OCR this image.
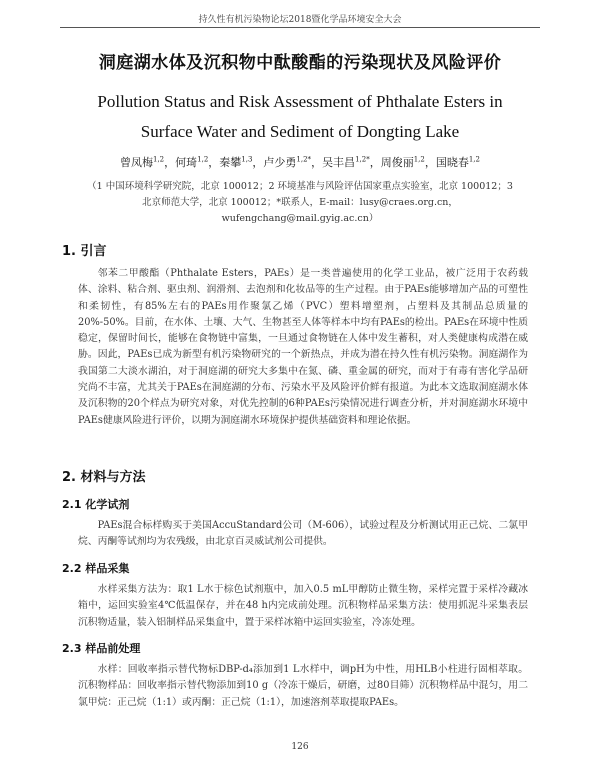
持久性有机污染物论坛2018暨化学品环境安全大会
洞庭湖水体及沉积物中酞酸酯的污染现状及风险评价
Pollution Status and Risk Assessment of Phthalate Esters in
Surface Water and Sediment of Dongting Lake
曾凤梅$^{1,2}$，何琦$^{1,2}$，秦攀$^{1,3}$，卢少勇$^{1,2*}$，吴丰昌$^{1,2*}$，周俊丽$^{1,2}$，国晓春$^{1,2}$
（1 中国环境科学研究院，北京 100012；2 环境基准与风险评估国家重点实验室，北京 100012；3
北京师范大学，北京 100012；*联系人，E-mail：lusy@craes.org.cn，
wufengchang@mail.gyig.ac.cn）
1. 引言
邻苯二甲酸酯（Phthalate Esters，PAEs）是一类普遍使用的化学工业品，被广泛用于农药载体、涂料、粘合剂、驱虫剂、润滑剂、去泡剂和化妆品等的生产过程。由于PAEs能够增加产品的可塑性和柔韧性，有85%左右的PAEs用作聚氯乙烯（PVC）塑料增塑剂，占塑料及其制品总质量的20%-50%。目前，在水体、土壤、大气、生物甚至人体等样本中均有PAEs的检出。PAEs在环境中性质稳定，保留时间长，能够在食物链中富集，一旦通过食物链在人体中发生蓄积，对人类健康构成潜在威胁。因此，PAEs已成为新型有机污染物研究的一个新热点，并成为潜在持久性有机污染物。洞庭湖作为我国第二大淡水湖泊，对于洞庭湖的研究大多集中在氮、磷、重金属的研究，而对于有毒有害化学品研究尚不丰富，尤其关于PAEs在洞庭湖的分布、污染水平及风险评价鲜有报道。为此本文选取洞庭湖水体及沉积物的20个样点为研究对象，对优先控制的6种PAEs污染情况进行调查分析，并对洞庭湖水环境中PAEs健康风险进行评价，以期为洞庭湖水环境保护提供基础资料和理论依据。
2. 材料与方法
2.1 化学试剂
PAEs混合标样购买于美国AccuStandard公司（M-606），试验过程及分析测试用正己烷、二氯甲烷、丙酮等试剂均为农残级，由北京百灵威试剂公司提供。
2.2 样品采集
水样采集方法为：取1 L水于棕色试剂瓶中，加入0.5 mL甲醇防止微生物，采样完置于采样冷藏冰箱中，运回实验室4℃低温保存，并在48 h内完成前处理。沉积物样品采集方法：使用抓泥斗采集表层沉积物适量，装入铝制样品采集盒中，置于采样冰箱中运回实验室，冷冻处理。
2.3 样品前处理
水样：回收率指示替代物标DBP-d₄添加到1 L水样中，调pH为中性，用HLB小柱进行固相萃取。沉积物样品：回收率指示替代物添加到10 g（冷冻干燥后，研磨，过80目筛）沉积物样品中混匀，用二氯甲烷：正己烷（1:1）或丙酮：正己烷（1:1），加速溶剂萃取提取PAEs。
126
